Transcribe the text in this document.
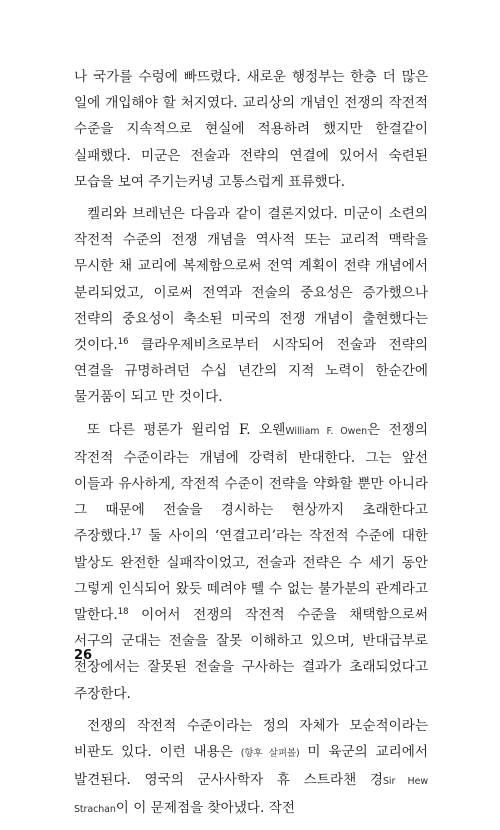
나 국가를 수렁에 빠뜨렸다. 새로운 행정부는 한층 더 많은 일에 개입해야 할 처지였다. 교리상의 개념인 전쟁의 작전적 수준을 지속적으로 현실에 적용하려 했지만 한결같이 실패했다. 미군은 전술과 전략의 연결에 있어서 숙련된 모습을 보여 주기는커녕 고통스럽게 표류했다.

켈리와 브레넌은 다음과 같이 결론지었다. 미군이 소련의 작전적 수준의 전쟁 개념을 역사적 또는 교리적 맥락을 무시한 채 교리에 복제함으로써 전역 계획이 전략 개념에서 분리되었고, 이로써 전역과 전술의 중요성은 증가했으나 전략의 중요성이 축소된 미국의 전쟁 개념이 출현했다는 것이다.$^{16}$ 클라우제비츠로부터 시작되어 전술과 전략의 연결을 규명하려던 수십 년간의 지적 노력이 한순간에 물거품이 되고 만 것이다.

또 다른 평론가 윌리엄 F. 오웬William F. Owen은 전쟁의 작전적 수준이라는 개념에 강력히 반대한다. 그는 앞선 이들과 유사하게, 작전적 수준이 전략을 약화할 뿐만 아니라 그 때문에 전술을 경시하는 현상까지 초래한다고 주장했다.$^{17}$ 둘 사이의 ‘연결고리’라는 작전적 수준에 대한 발상도 완전한 실패작이었고, 전술과 전략은 수 세기 동안 그렇게 인식되어 왔듯 떼려야 뗄 수 없는 불가분의 관계라고 말한다.$^{18}$ 이어서 전쟁의 작전적 수준을 채택함으로써 서구의 군대는 전술을 잘못 이해하고 있으며, 반대급부로 전장에서는 잘못된 전술을 구사하는 결과가 초래되었다고 주장한다.

전쟁의 작전적 수준이라는 정의 자체가 모순적이라는 비판도 있다. 이런 내용은 (향후 살펴볼) 미 육군의 교리에서 발견된다. 영국의 군사사학자 휴 스트라챈 경Sir Hew Strachan이 이 문제점을 찾아냈다. 작전

26
